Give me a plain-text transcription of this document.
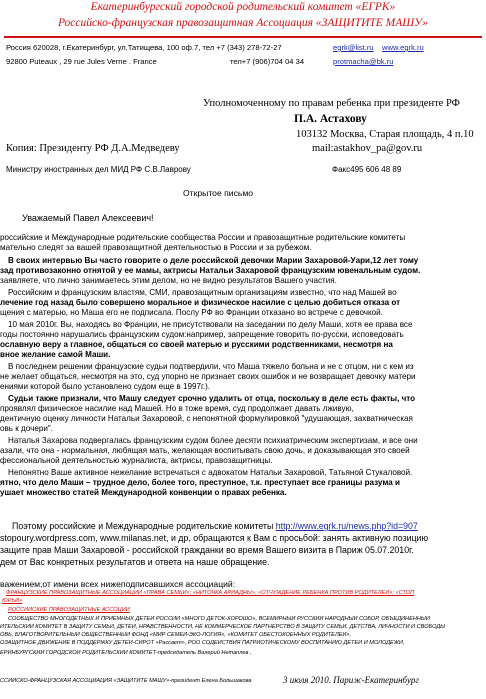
Екатеринбургский городской родительский комитет «ЕГРК»
Российско-французская правозащитная Ассоциация «ЗАЩИТИТЕ МАШУ»
Россия 620028, г.Екатеринбург, ул.Татищева, 100 оф.7, тел +7 (343) 278-72-27	egrk@list.ru www.egrk.ru
92800 Puteaux , 29 rue Jules Verne . France	тел+7 (906)704 04 34	protmacha@bk.ru
Уполномоченному по правам ребенка при президенте РФ
П.А. Астахову
103132 Москва, Старая площадь, 4 п.10
Копия: Президенту РФ Д.А.Медведеву	mail:astakhov_pa@gov.ru
Министру иностранных дел МИД РФ С.В.Лаврову	Факс495 606 48 89
Открытое письмо
Уважаемый Павел Алексеевич!
российские и Международные родительские сообщества России и правозащитные родительские комитеты
мательно следят за вашей правозащитной деятельностью в России и за рубежом.
В своих интервью Вы часто говорите о деле российской девочки Марии Захаровой-Уари,12 лет тому
зад противозаконно отнятой у ее мамы, актрисы Натальи Захаровой французским ювенальным судом.
заявляете, что лично занимаетесь этим делом, но не видно результатов Вашего участия.
Российским и французским властям, СМИ, правозащитным организациям известно, что над Машей во
лечение год назад было совершено моральное и физическое насилие с целью добиться отказа от
щения с матерью, но Маша его не подписала. Послу РФ во Франции отказано во встрече с девочкой.
10 мая 2010г. Вы, находясь во Франции, не присутствовали на заседании по делу Маши, хотя ее права все
годы постоянно нарушались французским судом:например, запрещение говорить по-русски, исповедовать
ославную веру а главное, общаться со своей матерью и русскими родственниками, несмотря на
вное желание самой Маши.
В последнем решении французские судьи подтвердили, что Маша тяжело больна и не с отцом, ни с кем из
не желает общаться, несмотря на это, суд упорно не признает своих ошибок и не возвращает девочку матери
ениями которой было установлено судом еще в 1997г.).
Судьи также признали, что Машу следует срочно удалить от отца, поскольку в деле есть факты, что
проявлял физическое насилие над Машей. Но в тоже время, суд продолжает давать лживую,
дентичную оценку личности Натальи Захаровой, с непонятной формулировкой "удушающая, захватническая
овь к дочери".
Наталья Захарова подвергалась французским судом более десяти психиатрическим экспертизам, и все они
азали, что она - нормальная, любящая мать, желающая воспитывать свою дочь, и доказывающая это своей
фессиональной деятельностью журналиста, актрисы, правозащитницы.
Непонятно Ваше активное нежелание встречаться с адвокатом Натальи Захаровой, Татьяной Стукаловой.
ятно, что дело Маши – трудное дело, более того, преступное, т.к. преступает все границы разума и
ушает множество статей Международной конвенции о правах ребенка.
Поэтому российские и Международные родительские комитеты http://www.egrk.ru/news.php?id=907
stopoury.wordpress.com, www.milanas.net, и др, обращаются к Вам с просьбой: занять активную позицию
защите прав Маши Захаровой - российской гражданки во время Вашего визита в Париж 05.07.2010г.
дем от Вас конкретных результатов и ответа на наше обращение.
важением,от имени всех нижеподписавшихся ассоциаций:
ФРАНЦУЗСКИЕ ПРАВОЗАЩИТНЫЕ АССОЦИАЦИИ «ПРАВА СЕМЬИ»; «НИТОЧКА АРИАДНЫ»; «ОТЧУЖДЕНИЕ РЕБЕНКА ПРОТИВ РОДИТЕЛЕЙ»; «СТОП
ЮРЬИ»
РОССИЙСКИЕ ПРАВОЗАЩИТНЫЕ АССОЦИИ
СООБЩЕСТВО МНОГОДЕТНЫХ И ПРИЕМНЫХ ДЕТЕЙ РОССИИ «МНОГО ДЕТОК-ХОРОШО», ВСЕМИРНЫЙ РУССКИЙ НАРОДНЫЙ СОБОР, ОБЪЕДИНЕННЫЙ
ИТЕЛЬСКИЙ КОМИТЕТ В ЗАЩИТУ СЕМЬИ, ДЕТЕЙ, НРАВСТВЕННОСТИ, НЕ КОММЕРЧЕСКОЕ ПАРТНЕРСТВО В ЗАЩИТУ СЕМЬИ, ДЕТСТВА, ЛИЧНОСТИ И СВОБОДЫ
ОВЬ, БЛАГОТВОРИТЕЛЬНЫЙ ОБЩЕСТВЕННЫЙ ФОНД «МИР СЕМЕЙ-ЭКО-ЛОГИЯ», «КОМИТЕТ ОБЕСТОКОЕННЫХ РОДИТЕЛЕЙ»,
ОЗАЩИТНОЕ ДВИЖЕНИЕ В ПОДДЕРЖКУ ДЕТЕЙ-СИРОТ «Рассвет», РОО СОДЕЙСТВИЯ ПАТРИОТИЧЕСКОМУ ВОСПИТАНИЮ ДЕТЕЙ И МОЛОДЕЖИ,
ЕРИНБУРГСКИЙ ГОРОДСКОЙ РОДИТЕЛЬСКИЙ КОМИТЕТ-председатель Валерий Нетаплев ,
ССИЙСКО-ФРАНЦУЗСКАЯ АССОЦИАЦИЯ «ЗАЩИТИТЕ МАШУ»-президент Елена Большакова	3 июля 2010. Париж-Екатеринбург
